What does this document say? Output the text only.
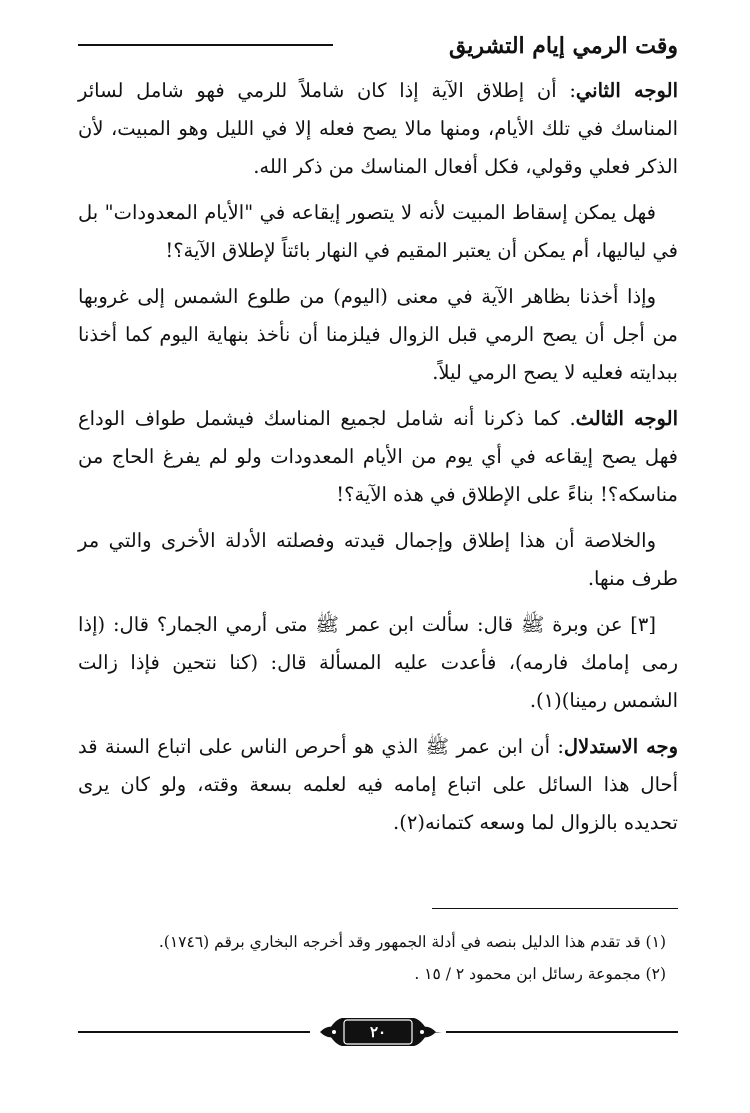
وقت الرمي إيام التشريق

الوجه الثاني: أن إطلاق الآية إذا كان شاملاً للرمي فهو شامل لسائر المناسك في تلك الأيام، ومنها مالا يصح فعله إلا في الليل وهو المبيت، لأن الذكر فعلي وقولي، فكل أفعال المناسك من ذكر الله.

فهل يمكن إسقاط المبيت لأنه لا يتصور إيقاعه في "الأيام المعدودات" بل في لياليها، أم يمكن أن يعتبر المقيم في النهار بائتاً لإطلاق الآية؟!

وإذا أخذنا بظاهر الآية في معنى (اليوم) من طلوع الشمس إلى غروبها من أجل أن يصح الرمي قبل الزوال فيلزمنا أن نأخذ بنهاية اليوم كما أخذنا ببدايته فعليه لا يصح الرمي ليلاً.

الوجه الثالث. كما ذكرنا أنه شامل لجميع المناسك فيشمل طواف الوداع فهل يصح إيقاعه في أي يوم من الأيام المعدودات ولو لم يفرغ الحاج من مناسكه؟! بناءً على الإطلاق في هذه الآية؟!

والخلاصة أن هذا إطلاق وإجمال قيدته وفصلته الأدلة الأخرى والتي مر طرف منها.

[٣] عن وبرة ﷺ قال: سألت ابن عمر ﷺ متى أرمي الجمار؟ قال: (إذا رمى إمامك فارمه)، فأعدت عليه المسألة قال: (كنا نتحين فإذا زالت الشمس رمينا)(١).

وجه الاستدلال: أن ابن عمر ﷺ الذي هو أحرص الناس على اتباع السنة قد أحال هذا السائل على اتباع إمامه فيه لعلمه بسعة وقته، ولو كان يرى تحديده بالزوال لما وسعه كتمانه(٢).

(١) قد تقدم هذا الدليل بنصه في أدلة الجمهور وقد أخرجه البخاري برقم (١٧٤٦).

(٢) مجموعة رسائل ابن محمود ٢ / ١٥ .

٢٠
